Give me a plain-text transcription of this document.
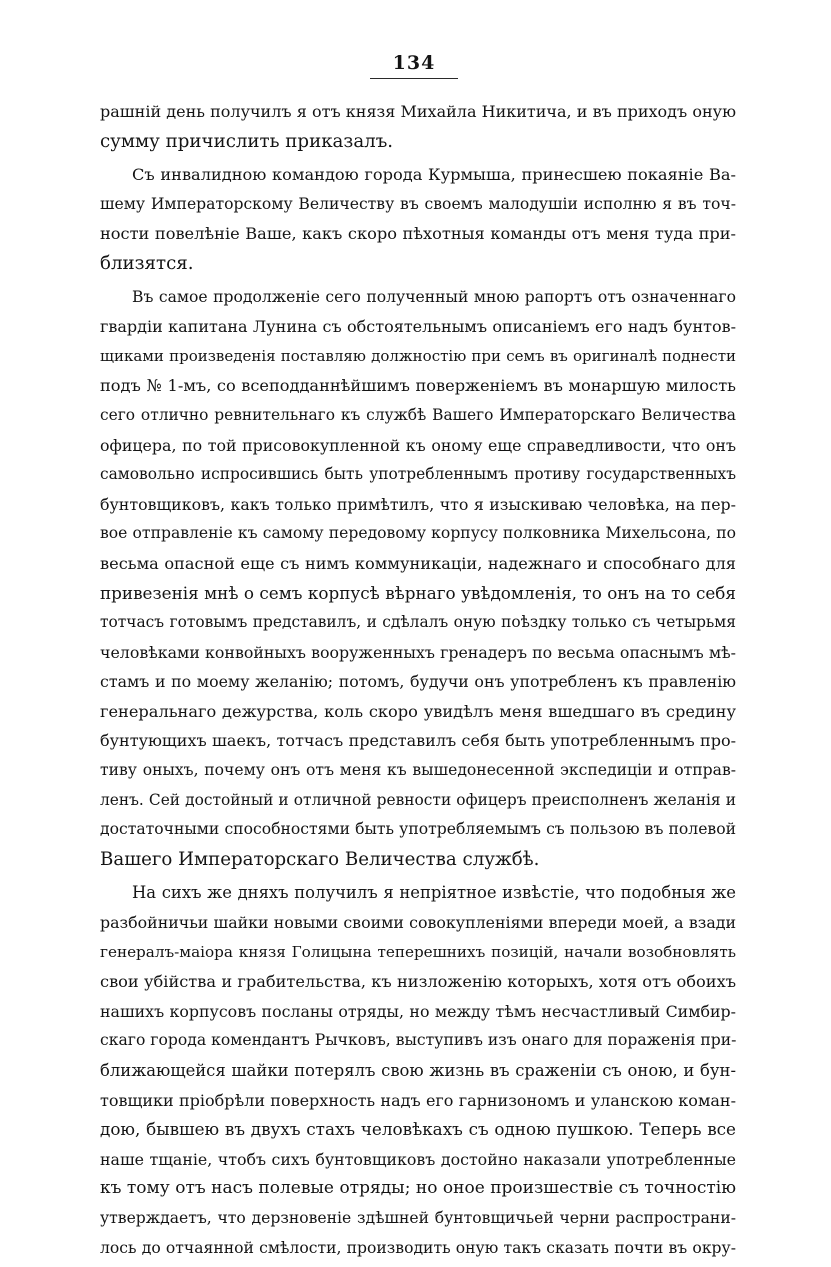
134
рашній день получилъ я отъ князя Михайла Никитича, и въ приходъ оную
сумму причислить приказалъ.
Съ инвалидною командою города Курмыша, принесшею покаяніе Ва-
шему Императорскому Величеству въ своемъ малодушіи исполню я въ точ-
ности повелѣніе Ваше, какъ скоро пѣхотныя команды отъ меня туда при-
близятся.
Въ самое продолженіе сего полученный мною рапортъ отъ означеннаго
гвардіи капитана Лунина съ обстоятельнымъ описаніемъ его надъ бунтов-
щиками произведенія поставляю должностію при семъ въ оригиналѣ поднести
подъ № 1-мъ, со всеподданнѣйшимъ поверженіемъ въ монаршую милость
сего отлично ревнительнаго къ службѣ Вашего Императорскаго Величества
офицера, по той присовокупленной къ оному еще справедливости, что онъ
самовольно испросившись быть употребленнымъ противу государственныхъ
бунтовщиковъ, какъ только примѣтилъ, что я изыскиваю человѣка, на пер-
вое отправленіе къ самому передовому корпусу полковника Михельсона, по
весьма опасной еще съ нимъ коммуникаціи, надежнаго и способнаго для
привезенія мнѣ о семъ корпусѣ вѣрнаго увѣдомленія, то онъ на то себя
тотчасъ готовымъ представилъ, и сдѣлалъ оную поѣздку только съ четырьмя
человѣками конвойныхъ вооруженныхъ гренадеръ по весьма опаснымъ мѣ-
стамъ и по моему желанію; потомъ, будучи онъ употребленъ къ правленію
генеральнаго дежурства, коль скоро увидѣлъ меня вшедшаго въ средину
бунтующихъ шаекъ, тотчасъ представилъ себя быть употребленнымъ про-
тиву оныхъ, почему онъ отъ меня къ вышедонесенной экспедиціи и отправ-
ленъ. Сей достойный и отличной ревности офицеръ преисполненъ желанія и
достаточными способностями быть употребляемымъ съ пользою въ полевой
Вашего Императорскаго Величества службѣ.
На сихъ же дняхъ получилъ я непріятное извѣстіе, что подобныя же
разбойничьи шайки новыми своими совокупленіями впереди моей, а взади
генералъ-маіора князя Голицына теперешнихъ позицій, начали возобновлять
свои убійства и грабительства, къ низложенію которыхъ, хотя отъ обоихъ
нашихъ корпусовъ посланы отряды, но между тѣмъ несчастливый Симбир-
скаго города комендантъ Рычковъ, выступивъ изъ онаго для пораженія при-
ближающейся шайки потерялъ свою жизнь въ сраженіи съ оною, и бун-
товщики пріобрѣли поверхность надъ его гарнизономъ и уланскою коман-
дою, бывшею въ двухъ стахъ человѣкахъ съ одною пушкою. Теперь все
наше тщаніе, чтобъ сихъ бунтовщиковъ достойно наказали употребленные
къ тому отъ насъ полевые отряды; но оное произшествіе съ точностію
утверждаетъ, что дерзновеніе здѣшней бунтовщичьей черни распространи-
лось до отчаянной смѣлости, производить оную такъ сказать почти въ окру-
